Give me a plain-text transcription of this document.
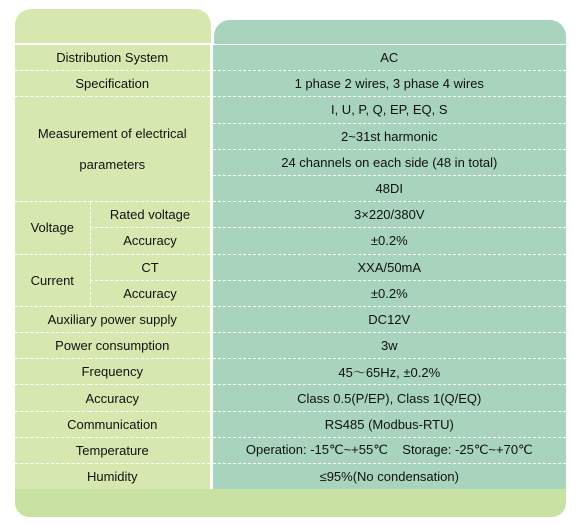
Distribution System		AC
Specification		1 phase 2 wires, 3 phase 4 wires
Measurement of electrical
parameters		I, U, P, Q, EP, EQ, S
		2~31st harmonic
		24 channels on each side (48 in total)
		48DI
Voltage	Rated voltage	3×220/380V
	Accuracy	±0.2%
Current	CT	XXA/50mA
	Accuracy	±0.2%
Auxiliary power supply		DC12V
Power consumption		3w
Frequency		45～65Hz, ±0.2%
Accuracy		Class 0.5(P/EP), Class 1(Q/EQ)
Communication		RS485 (Modbus-RTU)
Temperature		Operation: -15℃~+55℃    Storage: -25℃~+70℃
Humidity		≤95%(No condensation)
